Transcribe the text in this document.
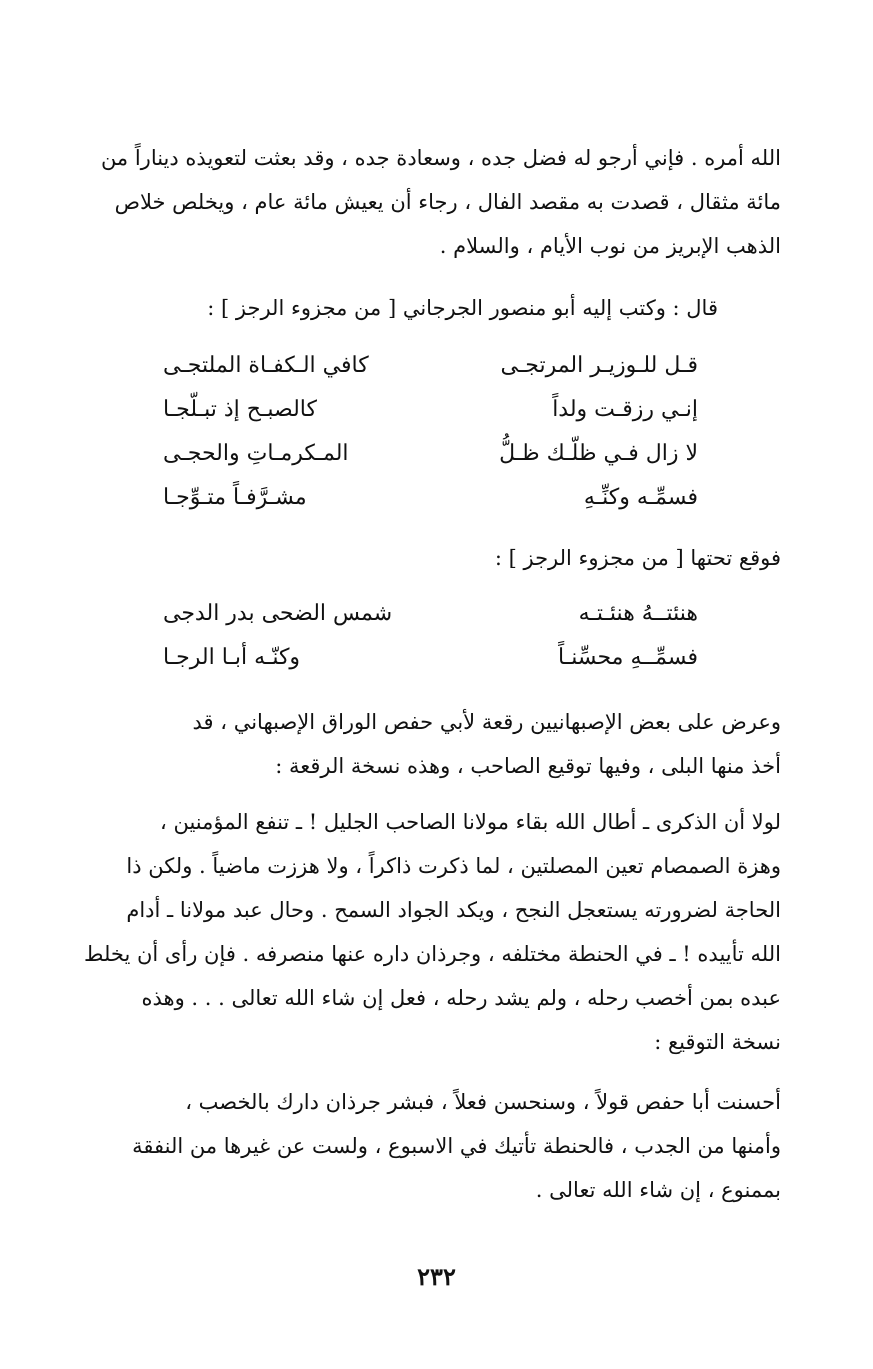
الله أمره . فإني أرجو له فضل جده ، وسعادة جده ، وقد بعثت لتعويذه ديناراً من
مائة مثقال ، قصدت به مقصد الفال ، رجاء أن يعيش مائة عام ، ويخلص خلاص
الذهب الإبريز من نوب الأيام ، والسلام .

قال : وكتب إليه أبو منصور الجرجاني [ من مجزوء الرجز ] :

قـل للـوزيـر المرتجـى
كافي الـكفـاة الملتجـى
إنـي رزقـت ولداً
كالصبـح إذ تبـلّجـا
لا زال فـي ظلّـك ظـلُّ
المـكرمـاتِ والحجـى
فسمِّـه وكنِّـهِ
مشـرَّفـاً متـوِّجـا

فوقع تحتها [ من مجزوء الرجز ] :

هنئتــهُ هنئـتـه
شمس الضحى بدر الدجى
فسمِّــهِ محسِّنـاً
وكنّـه أبـا الرجـا
وعرض على بعض الإصبهانيين رقعة لأبي حفص الوراق الإصبهاني ، قد
أخذ منها البلى ، وفيها توقيع الصاحب ، وهذه نسخة الرقعة :
لولا أن الذكرى ـ أطال الله بقاء مولانا الصاحب الجليل ! ـ تنفع المؤمنين ،
وهزة الصمصام تعين المصلتين ، لما ذكرت ذاكراً ، ولا هززت ماضياً . ولكن ذا
الحاجة لضرورته يستعجل النجح ، ويكد الجواد السمح . وحال عبد مولانا ـ أدام
الله تأييده ! ـ في الحنطة مختلفه ، وجرذان داره عنها منصرفه . فإن رأى أن يخلط
عبده بمن أخصب رحله ، ولم يشد رحله ، فعل إن شاء الله تعالى . . . وهذه
نسخة التوقيع :
أحسنت أبا حفص قولاً ، وسنحسن فعلاً ، فبشر جرذان دارك بالخصب ،
وأمنها من الجدب ، فالحنطة تأتيك في الاسبوع ، ولست عن غيرها من النفقة
بممنوع ، إن شاء الله تعالى .
٢٣٢
